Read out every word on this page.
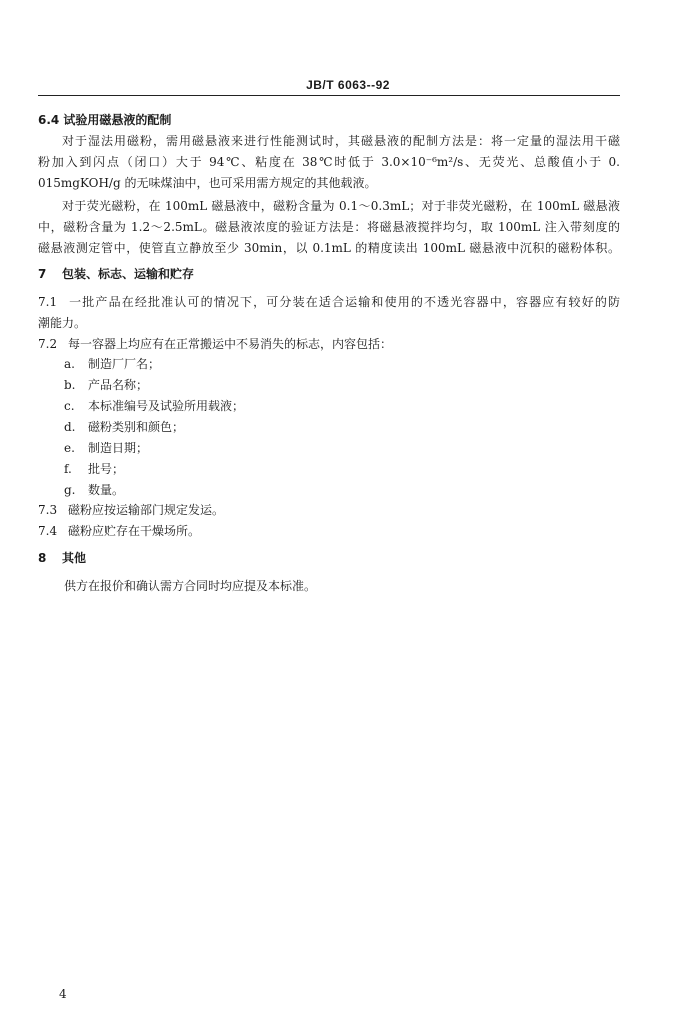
JB/T 6063--92
6.4 试验用磁悬液的配制
对于湿法用磁粉，需用磁悬液来进行性能测试时，其磁悬液的配制方法是：将一定量的湿法用干磁
粉加入到闪点（闭口）大于 94℃、粘度在 38℃时低于 3.0×10⁻⁶m²/s、无荧光、总酸值小于 0.
015mgKOH/g 的无味煤油中，也可采用需方规定的其他载液。
对于荧光磁粉，在 100mL 磁悬液中，磁粉含量为 0.1～0.3mL；对于非荧光磁粉，在 100mL 磁悬液
中，磁粉含量为 1.2～2.5mL。磁悬液浓度的验证方法是：将磁悬液搅拌均匀，取 100mL 注入带刻度的
磁悬液测定管中，使管直立静放至少 30min，以 0.1mL 的精度读出 100mL 磁悬液中沉积的磁粉体积。
7 包装、标志、运输和贮存
7.1 一批产品在经批准认可的情况下，可分装在适合运输和使用的不透光容器中，容器应有较好的防
潮能力。
7.2 每一容器上均应有在正常搬运中不易消失的标志，内容包括：
a. 制造厂厂名；
b. 产品名称；
c. 本标准编号及试验所用载液；
d. 磁粉类别和颜色；
e. 制造日期；
f. 批号；
g. 数量。
7.3 磁粉应按运输部门规定发运。
7.4 磁粉应贮存在干燥场所。
8 其他
供方在报价和确认需方合同时均应提及本标准。
4
